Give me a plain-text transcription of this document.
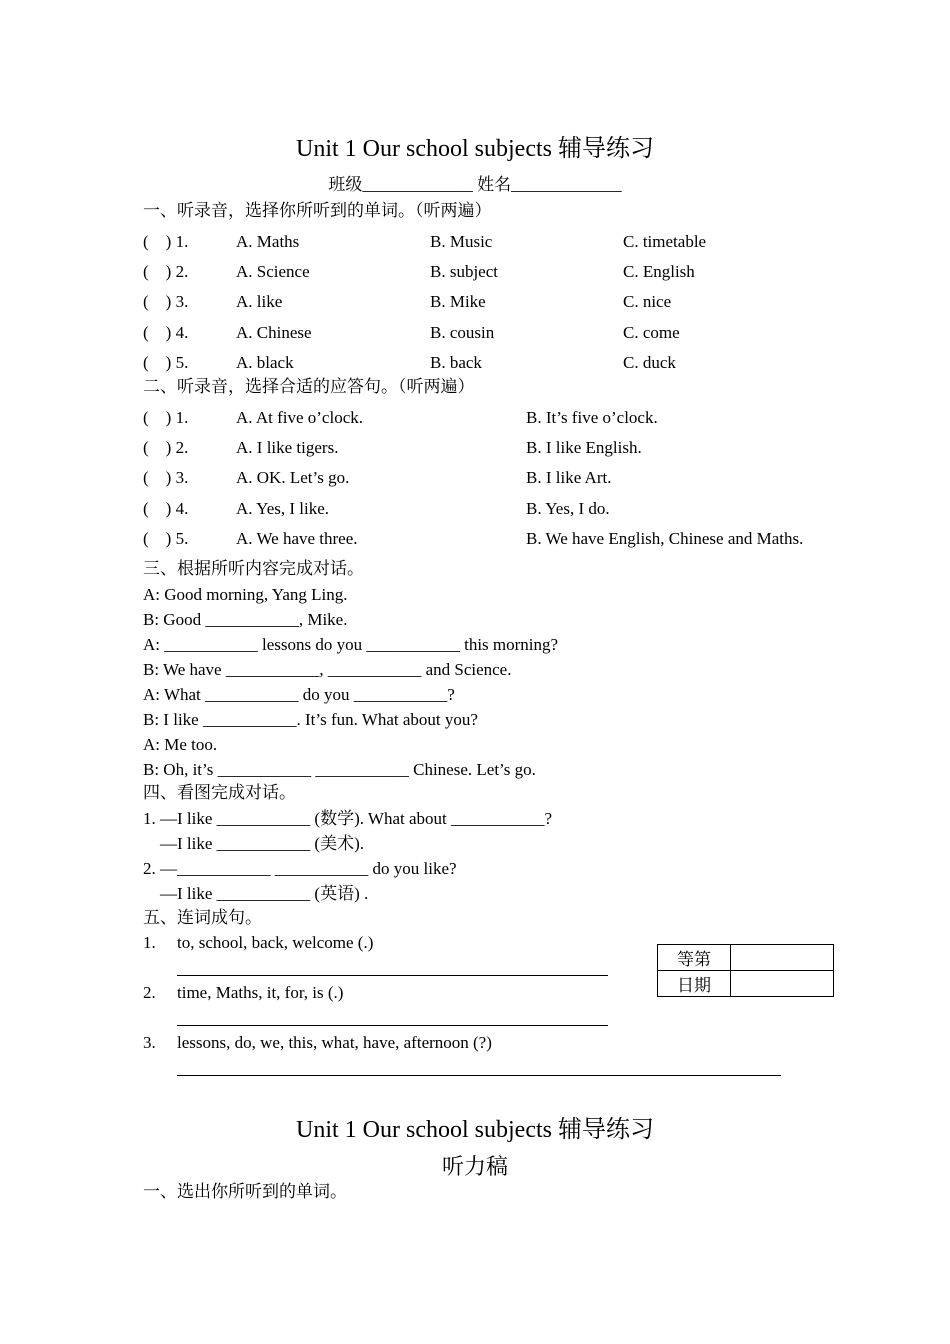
Unit 1 Our school subjects 辅导练习
班级_____________ 姓名_____________
一、听录音，选择你所听到的单词。（听两遍）
(    ) 1.	A. Maths	B. Music	C. timetable
(    ) 2.	A. Science	B. subject	C. English
(    ) 3.	A. like	B. Mike	C. nice
(    ) 4.	A. Chinese	B. cousin	C. come
(    ) 5.	A. black	B. back	C. duck
二、听录音，选择合适的应答句。（听两遍）
(    ) 1.	A. At five o’clock.	B. It’s five o’clock.
(    ) 2.	A. I like tigers.	B. I like English.
(    ) 3.	A. OK. Let’s go.	B. I like Art.
(    ) 4.	A. Yes, I like.	B. Yes, I do.
(    ) 5.	A. We have three.	B. We have English, Chinese and Maths.
三、根据所听内容完成对话。
A: Good morning, Yang Ling.
B: Good ___________, Mike.
A: ___________ lessons do you ___________ this morning?
B: We have ___________, ___________ and Science.
A: What ___________ do you ___________?
B: I like ___________. It’s fun. What about you?
A: Me too.
B: Oh, it’s ___________ ___________ Chinese. Let’s go.
四、看图完成对话。
1. —I like ___________ (数学). What about ___________?
—I like ___________ (美术).
2. —___________ ___________ do you like?
—I like ___________ (英语) .
五、连词成句。
1. to, school, back, welcome (.)
2. time, Maths, it, for, is (.)
3. lessons, do, we, this, what, have, afternoon (?)
等第	
日期	
Unit 1 Our school subjects 辅导练习
听力稿
一、选出你所听到的单词。
